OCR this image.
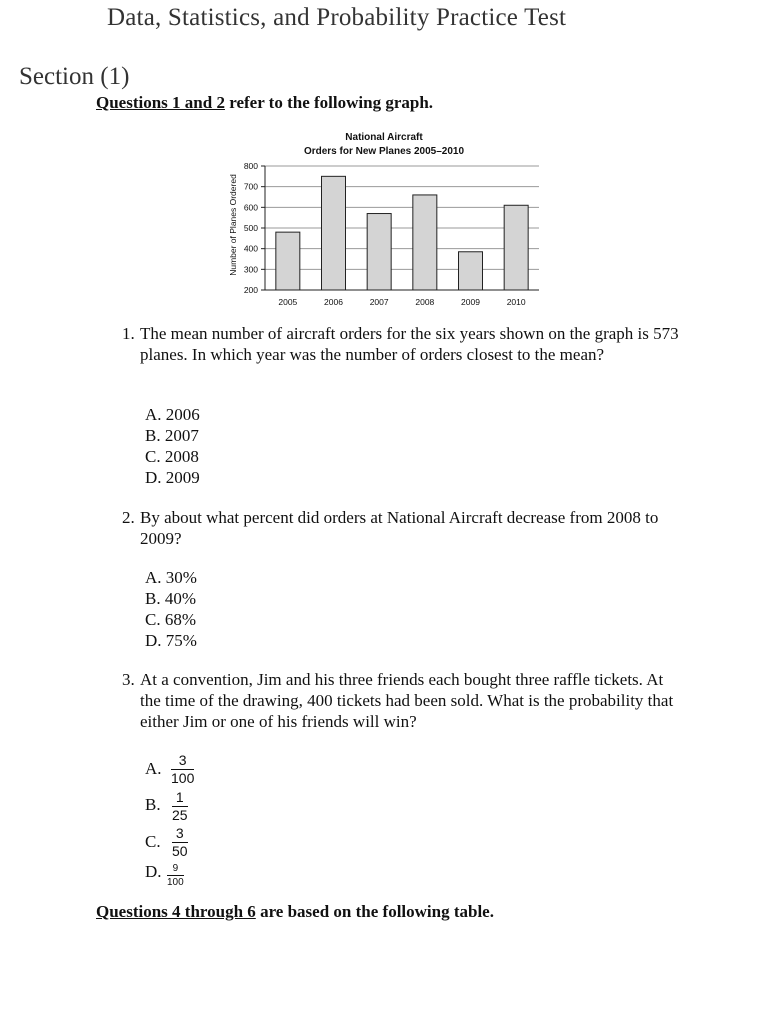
Data, Statistics, and Probability Practice Test
Section (1)
Questions 1 and 2 refer to the following graph.
National Aircraft
Orders for New Planes 2005–2010
Number of Planes Ordered
200
300
400
500
600
700
800
2005	2006	2007	2008	2009	2010
1. The mean number of aircraft orders for the six years shown on the graph is 573 planes. In which year was the number of orders closest to the mean?
A. 2006
B. 2007
C. 2008
D. 2009
2. By about what percent did orders at National Aircraft decrease from 2008 to 2009?
A. 30%
B. 40%
C. 68%
D. 75%
3. At a convention, Jim and his three friends each bought three raffle tickets. At the time of the drawing, 400 tickets had been sold. What is the probability that either Jim or one of his friends will win?
A.	3
100
B. 1
25
C. 3
50
D.	9
100
Questions 4 through 6 are based on the following table.
